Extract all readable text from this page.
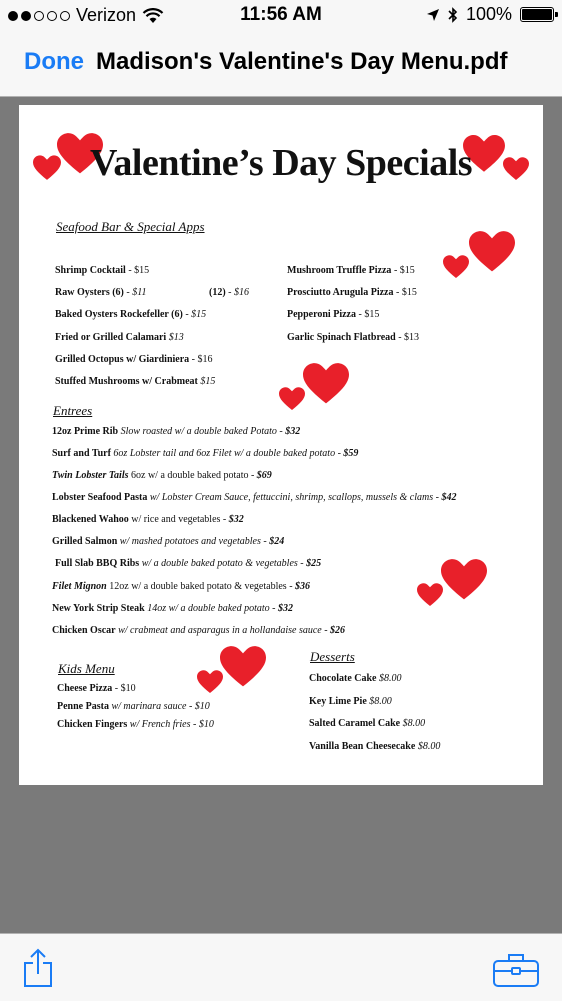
Verizon	11:56 AM	100%
Done Madison's Valentine's Day Menu.pdf
Valentine’s Day Specials
Seafood Bar & Special Apps
Shrimp Cocktail - $15
Raw Oysters (6) - $11	(12) - $16
Baked Oysters Rockefeller (6) - $15
Fried or Grilled Calamari $13
Grilled Octopus w/ Giardiniera - $16
Stuffed Mushrooms w/ Crabmeat $15
Mushroom Truffle Pizza - $15
Prosciutto Arugula Pizza - $15
Pepperoni Pizza - $15
Garlic Spinach Flatbread - $13
Entrees
12oz Prime Rib Slow roasted w/ a double baked Potato - $32
Surf and Turf 6oz Lobster tail and 6oz Filet w/ a double baked potato - $59
Twin Lobster Tails 6oz w/ a double baked potato - $69
Lobster Seafood Pasta w/ Lobster Cream Sauce, fettuccini, shrimp, scallops, mussels & clams - $42
Blackened Wahoo w/ rice and vegetables - $32
Grilled Salmon w/ mashed potatoes and vegetables - $24
Full Slab BBQ Ribs w/ a double baked potato & vegetables - $25
Filet Mignon 12oz w/ a double baked potato & vegetables - $36
New York Strip Steak 14oz w/ a double baked potato - $32
Chicken Oscar w/ crabmeat and asparagus in a hollandaise sauce - $26
Kids Menu
Cheese Pizza - $10
Penne Pasta w/ marinara sauce - $10
Chicken Fingers w/ French fries - $10
Desserts
Chocolate Cake $8.00
Key Lime Pie $8.00
Salted Caramel Cake $8.00
Vanilla Bean Cheesecake $8.00
